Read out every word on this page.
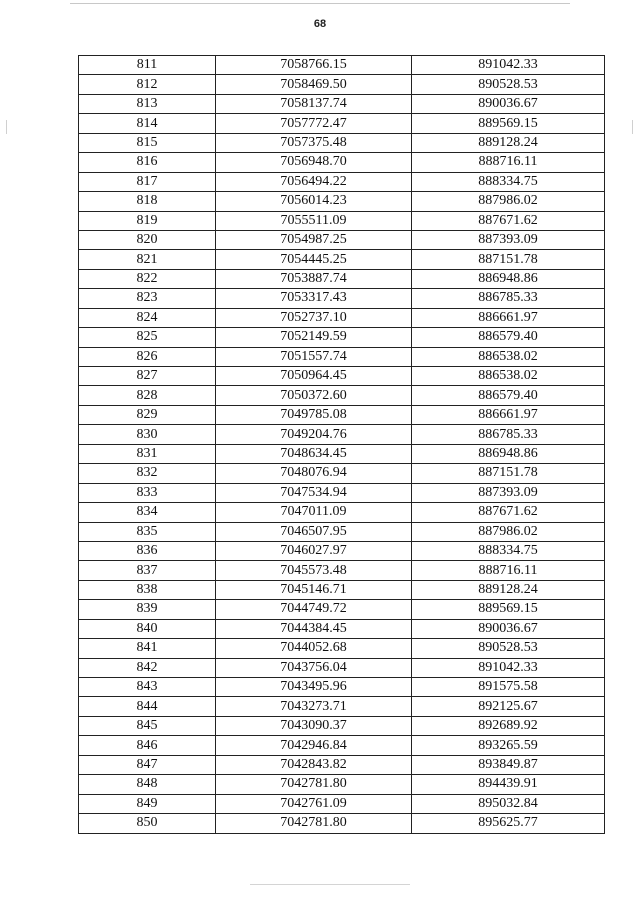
68
811	7058766.15	891042.33
812	7058469.50	890528.53
813	7058137.74	890036.67
814	7057772.47	889569.15
815	7057375.48	889128.24
816	7056948.70	888716.11
817	7056494.22	888334.75
818	7056014.23	887986.02
819	7055511.09	887671.62
820	7054987.25	887393.09
821	7054445.25	887151.78
822	7053887.74	886948.86
823	7053317.43	886785.33
824	7052737.10	886661.97
825	7052149.59	886579.40
826	7051557.74	886538.02
827	7050964.45	886538.02
828	7050372.60	886579.40
829	7049785.08	886661.97
830	7049204.76	886785.33
831	7048634.45	886948.86
832	7048076.94	887151.78
833	7047534.94	887393.09
834	7047011.09	887671.62
835	7046507.95	887986.02
836	7046027.97	888334.75
837	7045573.48	888716.11
838	7045146.71	889128.24
839	7044749.72	889569.15
840	7044384.45	890036.67
841	7044052.68	890528.53
842	7043756.04	891042.33
843	7043495.96	891575.58
844	7043273.71	892125.67
845	7043090.37	892689.92
846	7042946.84	893265.59
847	7042843.82	893849.87
848	7042781.80	894439.91
849	7042761.09	895032.84
850	7042781.80	895625.77
